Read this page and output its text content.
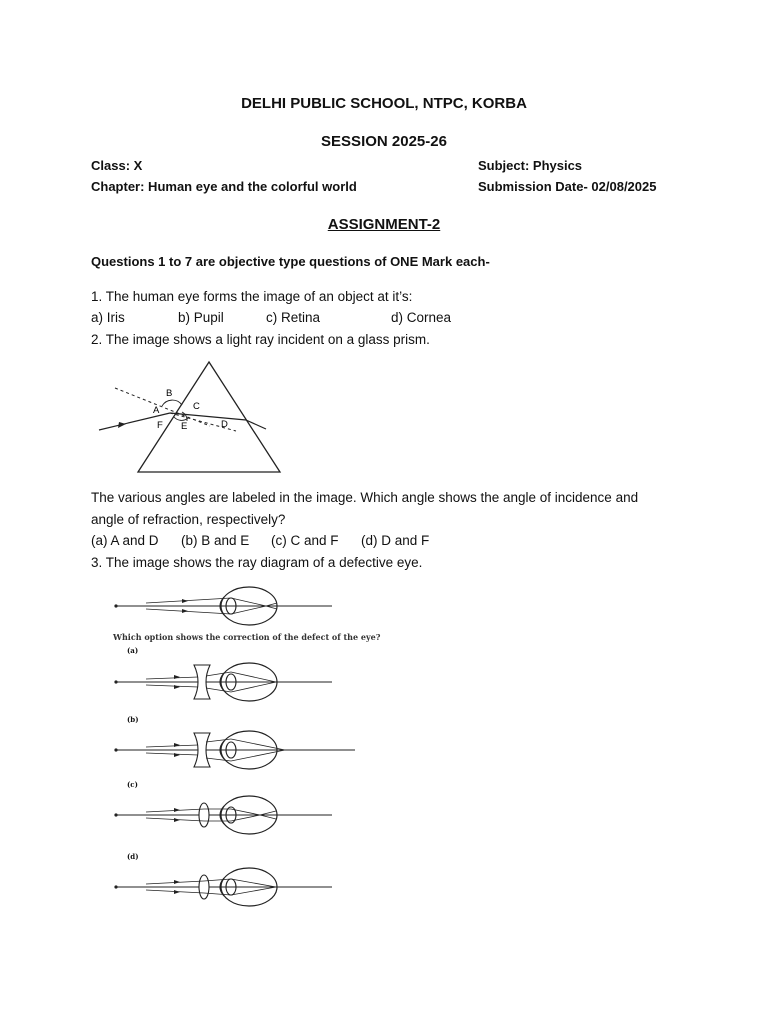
DELHI PUBLIC SCHOOL, NTPC, KORBA
SESSION 2025-26
Class: X	Subject: Physics
Chapter: Human eye and the colorful world	Submission Date- 02/08/2025
ASSIGNMENT-2
Questions 1 to 7 are objective type questions of ONE Mark each-
1. The human eye forms the image of an object at it’s:
a) Iris	b) Pupil	c) Retina	d) Cornea
2. The image shows a light ray incident on a glass prism.
B
A	C
F E	D
The various angles are labeled in the image. Which angle shows the angle of incidence and
angle of refraction, respectively?
(a) A and D (b) B and E (c) C and F (d) D and F
3. The image shows the ray diagram of a defective eye.
Which option shows the correction of the defect of the eye?
(a)
(b)
(c)
(d)
